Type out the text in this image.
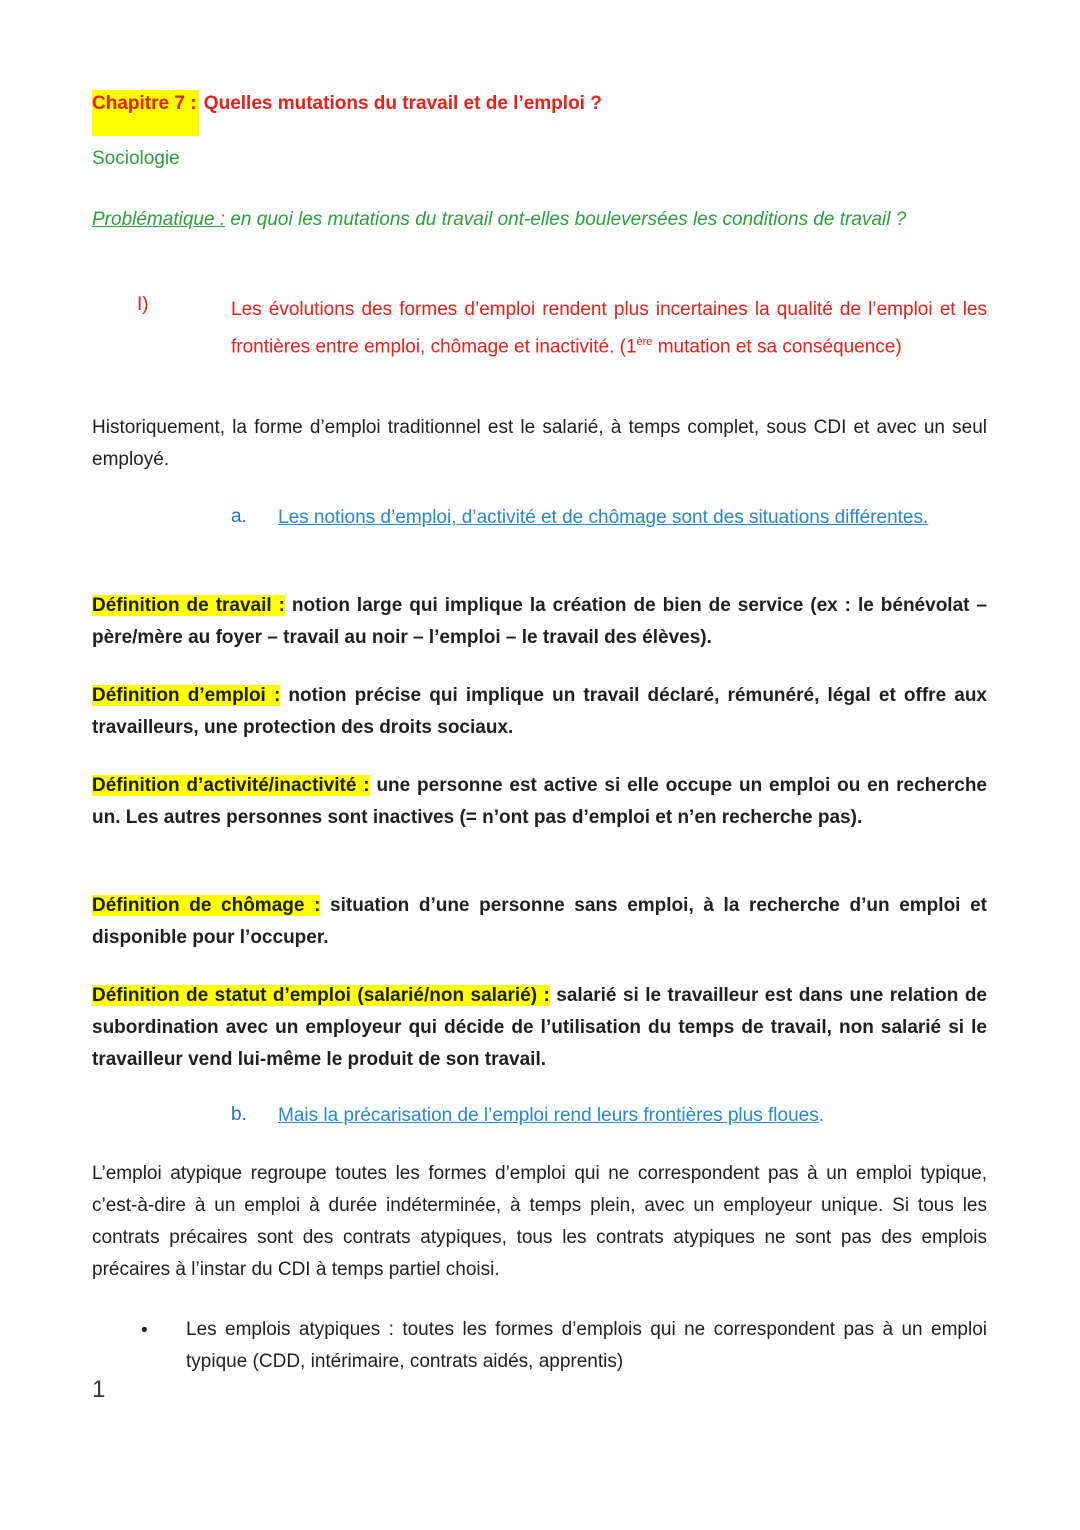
Chapitre 7 : Quelles mutations du travail et de l’emploi ?
Sociologie
Problématique : en quoi les mutations du travail ont-elles bouleversées les conditions de travail ?
I)	Les évolutions des formes d’emploi rendent plus incertaines la qualité de l’emploi et les frontières entre emploi, chômage et inactivité. (1ère mutation et sa conséquence)
Historiquement, la forme d’emploi traditionnel est le salarié, à temps complet, sous CDI et avec un seul employé.
a. Les notions d’emploi, d’activité et de chômage sont des situations différentes.
Définition de travail : notion large qui implique la création de bien de service (ex : le bénévolat – père/mère au foyer – travail au noir – l’emploi – le travail des élèves).
Définition d’emploi : notion précise qui implique un travail déclaré, rémunéré, légal et offre aux travailleurs, une protection des droits sociaux.
Définition d’activité/inactivité : une personne est active si elle occupe un emploi ou en recherche un. Les autres personnes sont inactives (= n’ont pas d’emploi et n’en recherche pas).
Définition de chômage : situation d’une personne sans emploi, à la recherche d’un emploi et disponible pour l’occuper.
Définition de statut d’emploi (salarié/non salarié) : salarié si le travailleur est dans une relation de subordination avec un employeur qui décide de l’utilisation du temps de travail, non salarié si le travailleur vend lui-même le produit de son travail.
b. Mais la précarisation de l’emploi rend leurs frontières plus floues.
L’emploi atypique regroupe toutes les formes d’emploi qui ne correspondent pas à un emploi typique, c’est-à-dire à un emploi à durée indéterminée, à temps plein, avec un employeur unique. Si tous les contrats précaires sont des contrats atypiques, tous les contrats atypiques ne sont pas des emplois précaires à l’instar du CDI à temps partiel choisi.
• Les emplois atypiques : toutes les formes d’emplois qui ne correspondent pas à un emploi typique (CDD, intérimaire, contrats aidés, apprentis)
1
